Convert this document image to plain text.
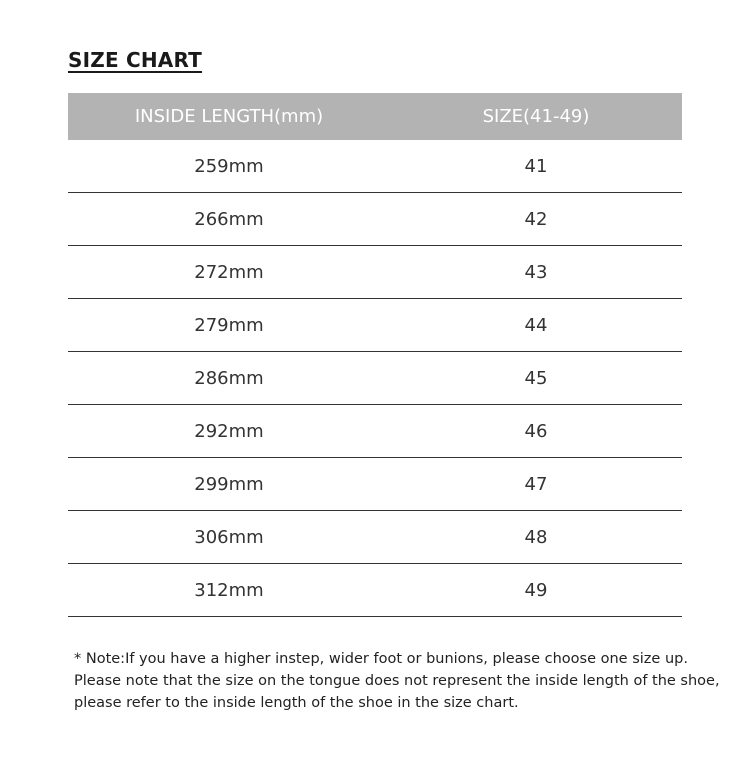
SIZE CHART
INSIDE LENGTH(mm)	SIZE(41-49)
259mm	41
266mm	42
272mm	43
279mm	44
286mm	45
292mm	46
299mm	47
306mm	48
312mm	49

* Note:If you have a higher instep, wider foot or bunions, please choose one size up.

Please note that the size on the tongue does not represent the inside length of the shoe,

please refer to the inside length of the shoe in the size chart.
